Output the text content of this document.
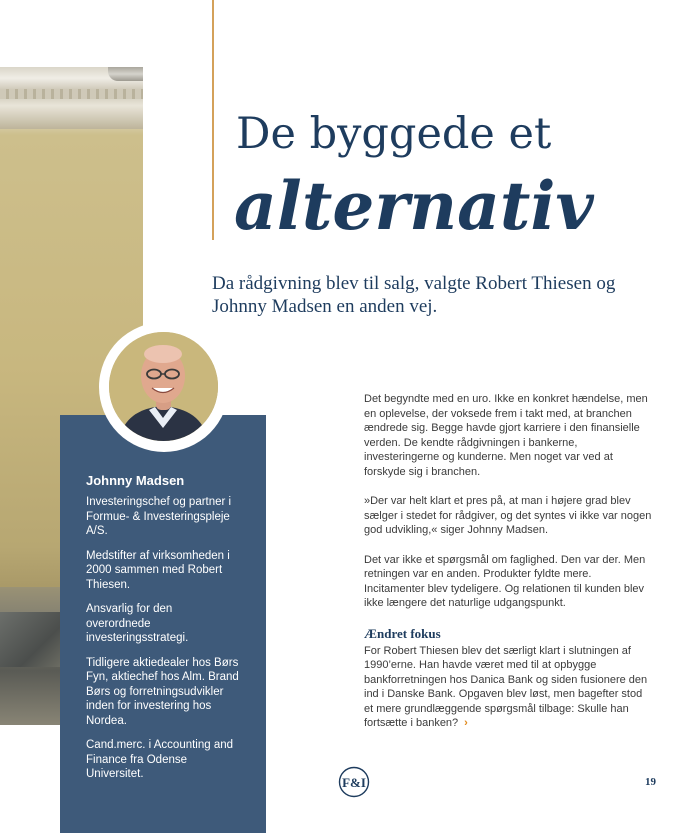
De byggede et
alternativ

Da rådgivning blev til salg, valgte Robert Thiesen og Johnny Madsen en anden vej.

Johnny Madsen

Investeringschef og partner i Formue- & Investeringspleje A/S.

Medstifter af virksomheden i 2000 sammen med Robert Thiesen.

Ansvarlig for den overordnede investeringsstrategi.

Tidligere aktiedealer hos Børs Fyn, aktiechef hos Alm. Brand Børs og forretningsudvikler inden for investering hos Nordea.

Cand.merc. i Accounting and Finance fra Odense Universitet.

Det begyndte med en uro. Ikke en konkret hændelse, men en oplevelse, der voksede frem i takt med, at branchen ændrede sig. Begge havde gjort karriere i den finansielle verden. De kendte rådgivningen i bankerne, investeringerne og kunderne. Men noget var ved at forskyde sig i branchen.

»Der var helt klart et pres på, at man i højere grad blev sælger i stedet for rådgiver, og det syntes vi ikke var nogen god udvikling,« siger Johnny Madsen.

Det var ikke et spørgsmål om faglighed. Den var der. Men retningen var en anden. Produkter fyldte mere. Incitamenter blev tydeligere. Og relationen til kunden blev ikke længere det naturlige udgangspunkt.

Ændret fokus

For Robert Thiesen blev det særligt klart i slutningen af 1990’erne. Han havde været med til at opbygge bankforretningen hos Danica Bank og siden fusionere den ind i Danske Bank. Opgaven blev løst, men bagefter stod et mere grundlæggende spørgsmål tilbage: Skulle han fortsætte i banken? ›

F&I	19
